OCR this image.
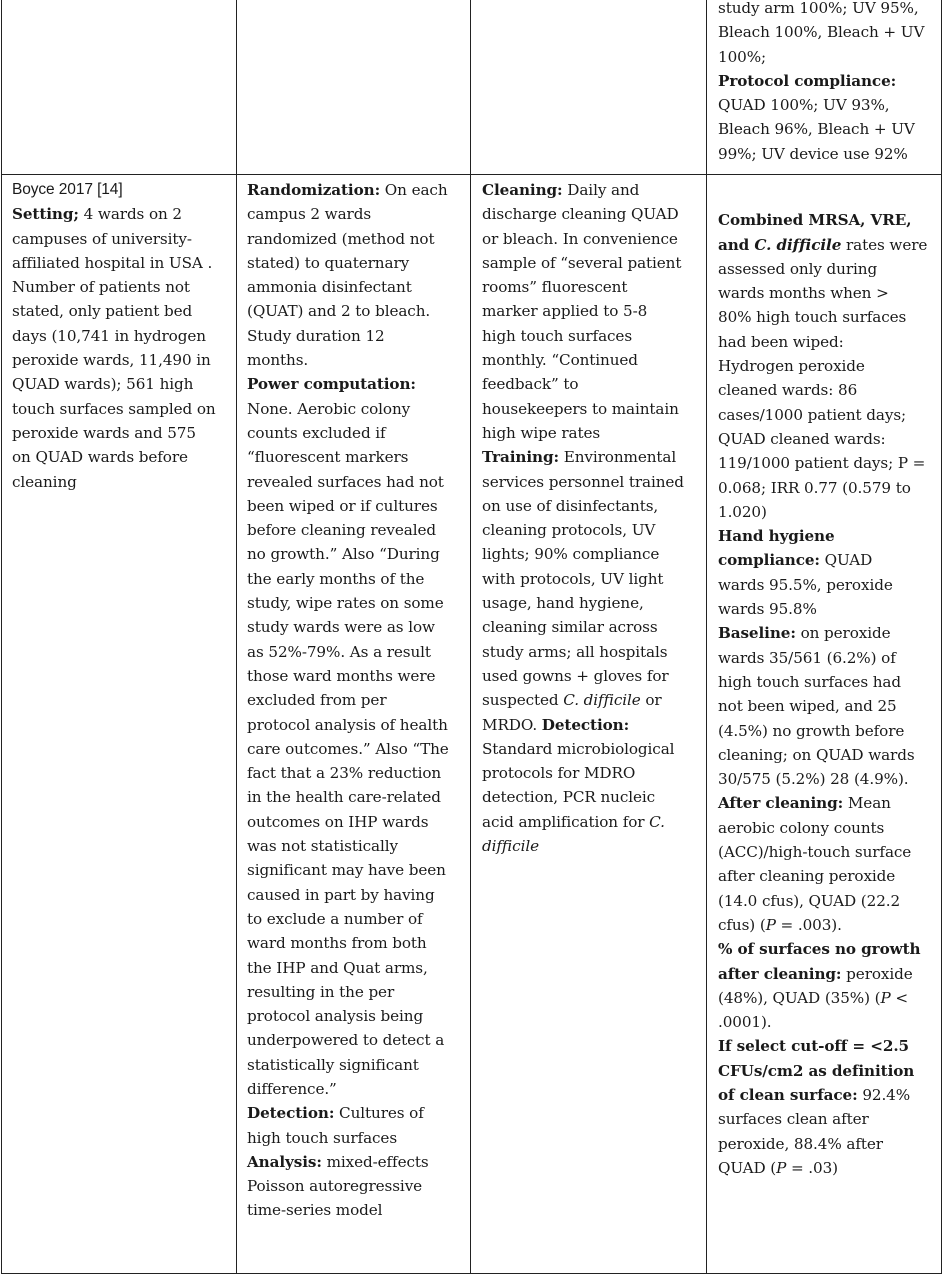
study arm 100%; UV 95%,

Bleach 100%, Bleach + UV

100%;

Protocol compliance:

QUAD 100%; UV 93%,

Bleach 96%, Bleach + UV

99%; UV device use 92%

Boyce 2017 [14]

Setting; 4 wards on 2

campuses of university-

affiliated hospital in USA .

Number of patients not

stated, only patient bed

days (10,741 in hydrogen

peroxide wards, 11,490 in

QUAD wards); 561 high

touch surfaces sampled on

peroxide wards and 575

on QUAD wards before

cleaning

Randomization: On each

campus 2 wards

randomized (method not

stated) to quaternary

ammonia disinfectant

(QUAT) and 2 to bleach.

Study duration 12

months.

Power computation:

None. Aerobic colony

counts excluded if

“fluorescent markers

revealed surfaces had not

been wiped or if cultures

before cleaning revealed

no growth.” Also “During

the early months of the

study, wipe rates on some

study wards were as low

as 52%-79%. As a result

those ward months were

excluded from per

protocol analysis of health

care outcomes.” Also “The

fact that a 23% reduction

in the health care-related

outcomes on IHP wards

was not statistically

significant may have been

caused in part by having

to exclude a number of

ward months from both

the IHP and Quat arms,

resulting in the per

protocol analysis being

underpowered to detect a

statistically significant

difference.”

Detection: Cultures of

high touch surfaces

Analysis: mixed-effects

Poisson autoregressive

time-series model

Cleaning: Daily and

discharge cleaning QUAD

or bleach. In convenience

sample of “several patient

rooms” fluorescent

marker applied to 5-8

high touch surfaces

monthly. “Continued

feedback” to

housekeepers to maintain

high wipe rates

Training: Environmental

services personnel trained

on use of disinfectants,

cleaning protocols, UV

lights; 90% compliance

with protocols, UV light

usage, hand hygiene,

cleaning similar across

study arms; all hospitals

used gowns + gloves for

suspected C. difficile or

MRDO. Detection:

Standard microbiological

protocols for MDRO

detection, PCR nucleic

acid amplification for C.

difficile

Combined MRSA, VRE,

and C. difficile rates were

assessed only during

wards months when >

80% high touch surfaces

had been wiped:

Hydrogen peroxide

cleaned wards: 86

cases/1000 patient days;

QUAD cleaned wards:

119/1000 patient days; P =

0.068; IRR 0.77 (0.579 to

1.020)

Hand hygiene

compliance: QUAD

wards 95.5%, peroxide

wards 95.8%

Baseline: on peroxide

wards 35/561 (6.2%) of

high touch surfaces had

not been wiped, and 25

(4.5%) no growth before

cleaning; on QUAD wards

30/575 (5.2%) 28 (4.9%).

After cleaning: Mean

aerobic colony counts

(ACC)/high-touch surface

after cleaning peroxide

(14.0 cfus), QUAD (22.2

cfus) (P = .003).

% of surfaces no growth

after cleaning: peroxide

(48%), QUAD (35%) (P <

.0001).

If select cut-off = <2.5

CFUs/cm2 as definition

of clean surface: 92.4%

surfaces clean after

peroxide, 88.4% after

QUAD (P = .03)
